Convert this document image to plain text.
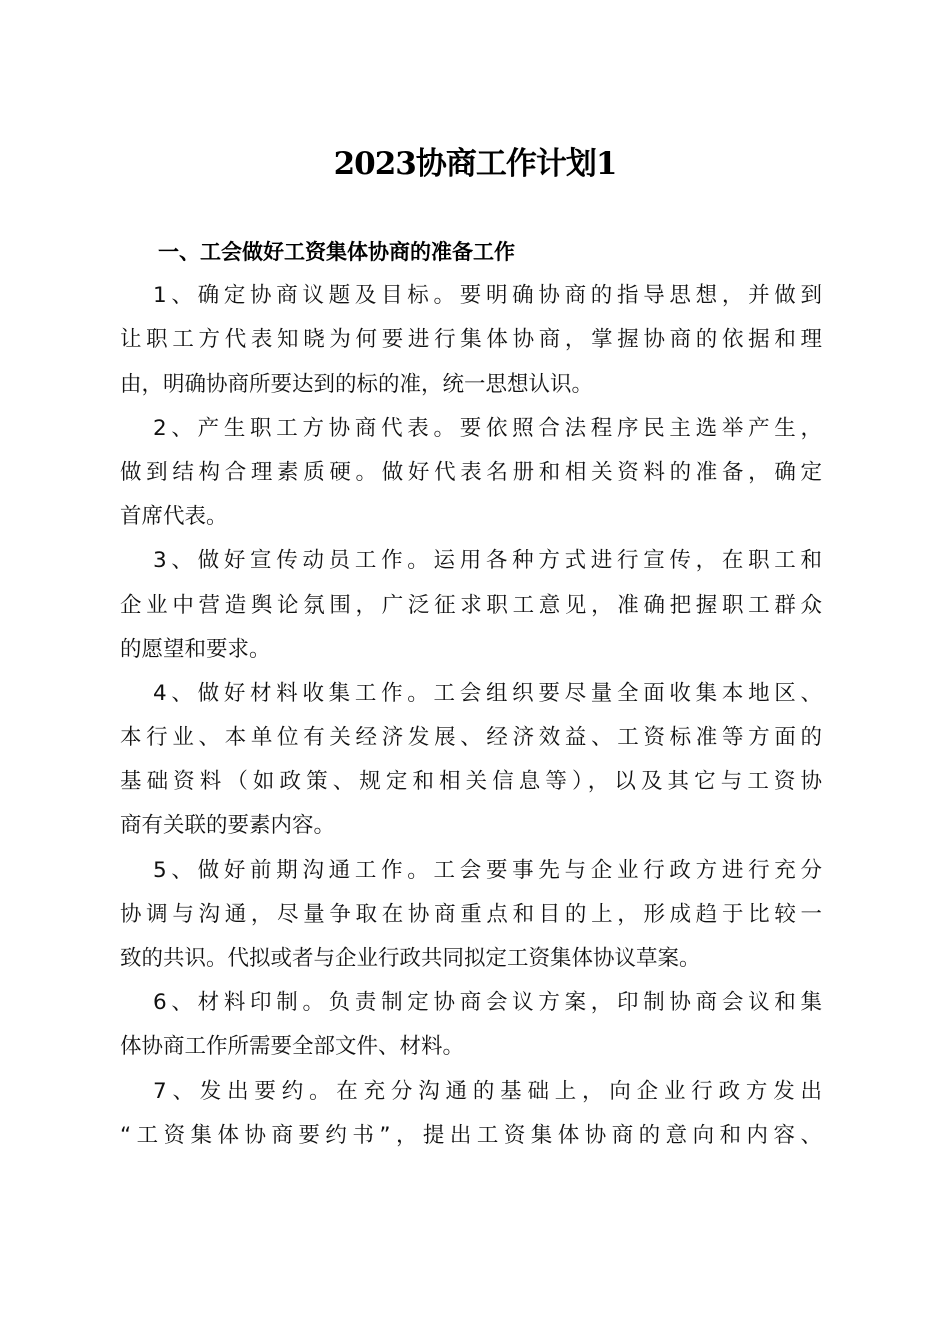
2023协商工作计划1
一、工会做好工资集体协商的准备工作
1、确定协商议题及目标。要明确协商的指导思想，并做到
让职工方代表知晓为何要进行集体协商，掌握协商的依据和理
由，明确协商所要达到的标的准，统一思想认识。
2、产生职工方协商代表。要依照合法程序民主选举产生，
做到结构合理素质硬。做好代表名册和相关资料的准备，确定
首席代表。
3、做好宣传动员工作。运用各种方式进行宣传，在职工和
企业中营造舆论氛围，广泛征求职工意见，准确把握职工群众
的愿望和要求。
4、做好材料收集工作。工会组织要尽量全面收集本地区、
本行业、本单位有关经济发展、经济效益、工资标准等方面的
基础资料（如政策、规定和相关信息等），以及其它与工资协
商有关联的要素内容。
5、做好前期沟通工作。工会要事先与企业行政方进行充分
协调与沟通，尽量争取在协商重点和目的上，形成趋于比较一
致的共识。代拟或者与企业行政共同拟定工资集体协议草案。
6、材料印制。负责制定协商会议方案，印制协商会议和集
体协商工作所需要全部文件、材料。
7、发出要约。在充分沟通的基础上，向企业行政方发出
“工资集体协商要约书”，提出工资集体协商的意向和内容、
